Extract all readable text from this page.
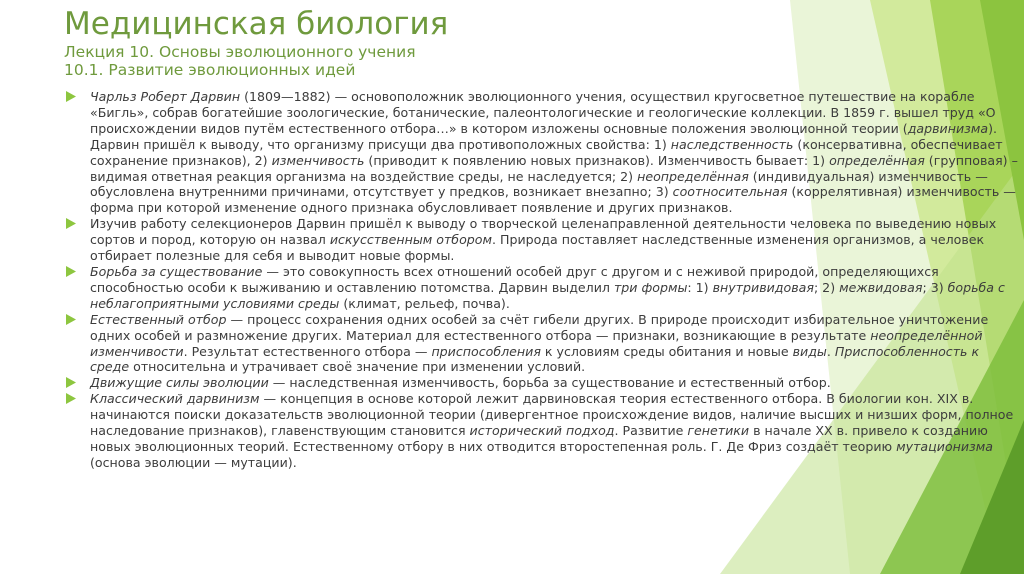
Медицинская биология
Лекция 10. Основы эволюционного учения
10.1. Развитие эволюционных идей
Чарльз Роберт Дарвин (1809—1882) — основоположник эволюционного учения, осуществил кругосветное путешествие на корабле «Бигль», собрав богатейшие зоологические, ботанические, палеонтологические и геологические коллекции. В 1859 г. вышел труд «О происхождении видов путём естественного отбора…» в котором изложены основные положения эволюционной теории (дарвинизма). Дарвин пришёл к выводу, что организму присущи два противоположных свойства: 1) наследственность (консервативна, обеспечивает сохранение признаков), 2) изменчивость (приводит к появлению новых признаков). Изменчивость бывает: 1) определённая (групповая) – видимая ответная реакция организма на воздействие среды, не наследуется; 2) неопределённая (индивидуальная) изменчивость — обусловлена внутренними причинами, отсутствует у предков, возникает внезапно; 3) соотносительная (коррелятивная) изменчивость — форма при которой изменение одного признака обусловливает появление и других признаков.
Изучив работу селекционеров Дарвин пришёл к выводу о творческой целенаправленной деятельности человека по выведению новых сортов и пород, которую он назвал искусственным отбором. Природа поставляет наследственные изменения организмов, а человек отбирает полезные для себя и выводит новые формы.
Борьба за существование — это совокупность всех отношений особей друг с другом и с неживой природой, определяющихся способностью особи к выживанию и оставлению потомства. Дарвин выделил три формы: 1) внутривидовая; 2) межвидовая; 3) борьба с неблагоприятными условиями среды (климат, рельеф, почва).
Естественный отбор — процесс сохранения одних особей за счёт гибели других. В природе происходит избирательное уничтожение одних особей и размножение других. Материал для естественного отбора — признаки, возникающие в результате неопределённой изменчивости. Результат естественного отбора — приспособления к условиям среды обитания и новые виды. Приспособленность к среде относительна и утрачивает своё значение при изменении условий.
Движущие силы эволюции — наследственная изменчивость, борьба за существование и естественный отбор.
Классический дарвинизм — концепция в основе которой лежит дарвиновская теория естественного отбора. В биологии кон. XIX в. начинаются поиски доказательств эволюционной теории (дивергентное происхождение видов, наличие высших и низших форм, полное наследование признаков), главенствующим становится исторический подход. Развитие генетики в начале XX в. привело к созданию новых эволюционных теорий. Естественному отбору в них отводится второстепенная роль. Г. Де Фриз создаёт теорию мутационизма (основа эволюции — мутации).
